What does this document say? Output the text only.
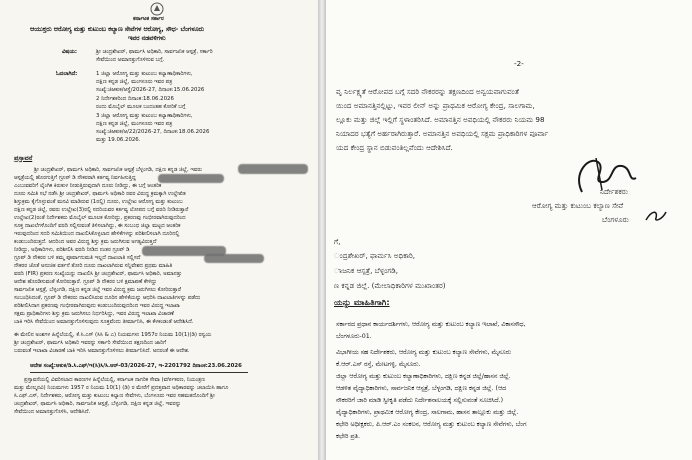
ಕರ್ನಾಟಕ ಸರ್ಕಾರ
ಆಯುಕ್ತರು ಆರೋಗ್ಯ ಮತ್ತು ಕುಟುಂಬ ಕಲ್ಯಾಣ ಸೇವೆಗಳ ಆರೋಗ್ಯ, ಸೌಧ- ಬೆಂಗಳೂರು
ಇವರ ನಡವಳಿಗಳು
ವಿಷಯ:	ಶ್ರೀ ಚಂದ್ರಶೇಖರ್, ಫಾರ್ಮಸಿ ಅಧಿಕಾರಿ, ಸಾರ್ವಜನಿಕ ಆಸ್ಪತ್ರೆ, ಸರ್ಕಾರಿ
ಸೇವೆಯಿಂದ ಅಮಾನತ್ತುಗೊಳಿಸುವ ಬಗ್ಗೆ.
ಓದಲಾಗಿದೆ:	1 ಜಿಲ್ಲಾ ಆರೋಗ್ಯ ಮತ್ತು ಕುಟುಂಬ ಕಲ್ಯಾಣಾಧಿಕಾರಿಗಳು,
ದಕ್ಷಿಣ ಕನ್ನಡ ಜಿಲ್ಲೆ, ಮಂಗಳೂರು ಇವರ ಪತ್ರ
ಸಂಖ್ಯೆ:ಜಿಆಕುಕ/ಆಸ್ಥೆ/2026-27, ದಿನಾಂಕ:15.06.2026
2 ನಿರ್ದೇಶಕರಿಂದ ದಿನಾಂಕ:18.06.2026
ರಂದು ಮೊಬೈಲ್ ಮೂಲಕ ಬಂದಂತಹ ಕೋರಿಕೆ ಬಗ್ಗೆ
3 ಜಿಲ್ಲಾ ಆರೋಗ್ಯ ಮತ್ತು ಕುಟುಂಬ ಕಲ್ಯಾಣಾಧಿಕಾರಿಗಳು,
ದಕ್ಷಿಣ ಕನ್ನಡ ಜಿಲ್ಲೆ, ಮಂಗಳೂರು ಇವರ ಪತ್ರ
ಸಂಖ್ಯೆ:ಜಿಆಕುಕ/ಆ/22/2026-27, ದಿನಾಂಕ:18.06.2026
ಮತ್ತು 19.06.2026.
ಪ್ರಸ್ತಾವನೆ
ಶ್ರೀ ಚಂದ್ರಶೇಖರ್, ಫಾರ್ಮಸಿ ಅಧಿಕಾರಿ, ಸಾರ್ವಜನಿಕ ಆಸ್ಪತ್ರೆ ಬೆಳ್ಳಂಗಡಿ, ದಕ್ಷಿಣ ಕನ್ನಡ ಜಿಲ್ಲೆ, ಇವರು
ಆಸ್ಪತ್ರೆಯಲ್ಲಿ ಹೊರಗುತ್ತಿಗೆ ಗ್ರೂಪ್ ಡಿ ನೌಕರರಾಗಿ ಕರ್ತವ್ಯ ನಿರ್ವಹಿಸುತ್ತಿದ್ದ
ಎಂಬುವವರಿಗೆ ಲೈಂಗಿಕ ಕಿರುಕುಳ ನೀಡುತ್ತಿರುವುದಾಗಿ ದೂರು ನೀಡಿದ್ದು, ಈ ಬಗ್ಗೆ ಆಂತರಿಕ
ದೂರು ಸಮಿತಿ ಸಭೆ ನಡೆಸಿ ಶ್ರೀ ಚಂದ್ರಶೇಖರ್, ಫಾರ್ಮಸಿ ಅಧಿಕಾರಿ ರವರ ವಿರುದ್ಧ ಕ್ರಮಕ್ಕಾಗಿ ಉಲ್ಲೇಖಿತ
ಶಿಸ್ತುಕ್ರಮ ಕೈಗೊಳ್ಳುವಂತೆ ಮನವಿ ಮಾಡಿರುವ (1ರಲ್ಲಿ) ದೂರು, ಉಲ್ಲೇಖ ಆರೋಗ್ಯ ಮತ್ತು ಕುಟುಂಬ
ದಕ್ಷಿಣ ಕನ್ನಡ ಜಿಲ್ಲೆ, ರವರು ಉಲ್ಲೇಖ(3)ರಲ್ಲಿ ಸದರಿಯವರ ಕರ್ತವ್ಯ ಲೋಪದ ಬಗ್ಗೆ ವರದಿ ನೀಡಿರುತ್ತಾರೆ
ಉಲ್ಲೇಖ(2)ರಂತೆ ನಿರ್ದೇಶಕರು ಮೊಬೈಲ್ ಮೂಲಕ ಕೋರಿದ್ದು, ಪ್ರಕರಣವು ಗಂಭೀರವಾಗಿರುವುದರಿಂದ
ಸೂಕ್ತ ದಾಖಲೆಗಳೊಂದಿಗೆ ವರದಿ ಸಲ್ಲಿಸುವಂತೆ ತಿಳಿಸಲಾಗಿದ್ದು, ಈ ಸಂಬಂಧ ಜಿಲ್ಲಾ ಮಟ್ಟದ ಆಂತರಿಕ
ಇರುವುದರಿಂದ ಸದರಿ ಸಮಿತಿಯಿಂದ ದಾಖಲಿಸಿಕೊಳ್ಳಲಾದ ಹೇಳಿಕೆಗಳನ್ನು ಪರಿಶೀಲಿಸಲಾಗಿ ದೂರಿನಲ್ಲಿ
ಕಂಡುಬಂದಿರುತ್ತದೆ. ಆದರಿಂದ ಅವರ ವಿರುದ್ಧ ಶಿಸ್ತು ಕ್ರಮ ಜರುಗಿಸುವ ಅಗತ್ಯವಿರುತ್ತದೆ
ನೀಡಿದ್ದು, ಅಧಿಕಾರಿಗಳು, ಪರಿಶೀಲಿಸಿ ವರದಿ ನೀಡಿದ ನಂತರ ಗ್ರೂಪ್ ಡಿ
ಗ್ರೂಪ್ ಡಿ ನೌಕರರ ಬಳಿ ತಮ್ಮ ಪೂರ್ವಾನುಮತಿ ಇಲ್ಲದೆ ದಾಖಲಾತಿ ಸಲ್ಲಿಸದೆ
ನೌಕರರ ಜೊತೆ ಅನುಚಿತ ವರ್ತನೆ ತೋರಿ ದೂರು ದಾಖಲಾಗಿರುವ ಸನ್ನಿವೇಶದ ಪ್ರಥಮ ಮಾಹಿತಿ
ವರದಿ (FIR) ಪ್ರಕರಣ ಸಂಖ್ಯೆಯನ್ನು ದಾಖಲಿಸಿ ಶ್ರೀ ಚಂದ್ರಶೇಖರ್, ಫಾರ್ಮಸಿ ಅಧಿಕಾರಿ, ಅಮಾನತ್ತು
ಆದೇಶ ಹೊರಡಿಸುವಂತೆ ಕೋರಿರುತ್ತಾರೆ. ಗ್ರೂಪ್ ಡಿ ನೌಕರರ ಬಳಿ ಕ್ಷಮಾಪಣೆ ಕೇಳಿದ್ದು
ಸಾರ್ವಜನಿಕ ಆಸ್ಪತ್ರೆ, ಬೆಳ್ಳಂಗಡಿ, ದಕ್ಷಿಣ ಕನ್ನಡ ಜಿಲ್ಲೆ ಇವರ ವಿರುದ್ಧ ಕ್ರಮ ಜರುಗಿಸಲು ಕೋರಿರುತ್ತಾರೆ
ಸಂಬಂಧಿಸಿದಂತೆ, ಗ್ರೂಪ್ ಡಿ ನೌಕರರು ದಾಖಲಿಸಿರುವ ದೂರಿನ ಹೇಳಿಕೆಯನ್ನು ಆಧರಿಸಿ ದಾಖಲಾತಿಗಳನ್ನು ಪಡೆದು
ಪರಿಶೀಲಿಸಿದಾಗ ಪ್ರಕರಣವು ಗಂಭೀರವಾಗಿರುವುದು ಕಂಡುಬಂದಿರುವುದರಿಂದ ಇವರ ವಿರುದ್ಧ ಇಲಾಖಾ
ಸಕ್ಷಮ ಪ್ರಾಧಿಕಾರಿಗಳು ಶಿಸ್ತು ಕ್ರಮ ಜರುಗಿಸಲು ನಿರ್ಧರಿಸಿದ್ದು, ಇವರ ವಿರುದ್ಧ ಇಲಾಖಾ ವಿಚಾರಣೆ
ಬಾಕಿ ಇರಿಸಿ ಸೇವೆಯಿಂದ ಅಮಾನತ್ತುಗೊಳಿಸುವುದು ಸೂಕ್ತವೆಂದು ತೀರ್ಮಾನಿಸಿ, ಈ ಕೆಳಕಂಡಂತೆ ಆದೇಶಿಸಿದೆ.
ಈ ಮೇಲಿನ ಅಂಶಗಳ ಹಿನ್ನೆಲೆಯಲ್ಲಿ, ಕೆ.ಸಿ.ಎಸ್ (ಸಿಸಿ & ಎ) ನಿಯಮಗಳು 1957ರ ನಿಯಮ 10(1)(ಡಿ) ರನ್ವಯ
ಶ್ರೀ ಚಂದ್ರಶೇಖರ್, ಫಾರ್ಮಸಿ ಅಧಿಕಾರಿ ಇವರನ್ನು ಸರ್ಕಾರಿ ಸೇವೆಯಿಂದ ತಕ್ಷಣದಿಂದ ಜಾರಿಗೆ
ಬರುವಂತೆ ಇಲಾಖಾ ವಿಚಾರಣೆ ಬಾಕಿ ಇರಿಸಿ ಅಮಾನತ್ತುಗೊಳಿಸಲು ತೀರ್ಮಾನಿಸಿದೆ. ಅದರಂತೆ ಈ ಆದೇಶ.
ಆದೇಶ ಸಂಖ್ಯೆ:ಆಕುಕ/ಡಿ.ಸಿ.ಎಫ್/ಇ(ಸಿ)ಸಿ/ಸಿ.ಆರ್-03/2026-27, ಇ-2201792 ದಿನಾಂಕ:23.06.2026
ಪ್ರಸ್ತಾವನೆಯಲ್ಲಿ ವಿವರಿಸಲಾದ ಕಾರಣಗಳ ಹಿನ್ನೆಲೆಯಲ್ಲಿ, ಕರ್ನಾಟಕ ನಾಗರಿಕ ಸೇವಾ (ವರ್ಗೀಕರಣ, ನಿಯಂತ್ರಣ
ಮತ್ತು ಮೇಲ್ಮನವಿ) ನಿಯಮಗಳು 1957 ರ ನಿಯಮ 10(1) (ಡಿ) ರ ಮೇರೆಗೆ ಪ್ರದತ್ತವಾದ ಅಧಿಕಾರವನ್ನು ಚಲಾಯಿಸಿ ಹಾಗೂ
ಸಿ.ಎಫ್.ಎಸ್, ನಿರ್ದೇಶಕರು, ಆರೋಗ್ಯ ಮತ್ತು ಕುಟುಂಬ ಕಲ್ಯಾಣ ಸೇವೆಗಳು, ಬೆಂಗಳೂರು ಇವರ ಸಹಮತದೊಂದಿಗೆ ಶ್ರೀ
ಚಂದ್ರಶೇಖರ್, ಫಾರ್ಮಸಿ ಅಧಿಕಾರಿ, ಸಾರ್ವಜನಿಕ ಆಸ್ಪತ್ರೆ, ಬೆಳ್ಳಂಗಡಿ, ದಕ್ಷಿಣ ಕನ್ನಡ ಜಿಲ್ಲೆ, ಇವರನ್ನು
ಸೇವೆಯಿಂದ ಅಮಾನತ್ತುಗೊಳಿಸಿ, ಆದೇಶಿಸಿದೆ.
-2-
ವೃ ನಿರ್ಲಕ್ಷ್ಯತೆ ಆರೋಪದ ಬಗ್ಗೆ ಸದರಿ ನೌಕರರನ್ನು ತಕ್ಷಣದಿಂದ ಅನ್ವಯವಾಗುವಂತೆ
ಯಿಂದ ಅಮಾನತ್ತಿನಲ್ಲಿಟ್ಟು, ಇವರ ಲೀನ್ ಅನ್ನು ಪ್ರಾಥಮಿಕ ಆರೋಗ್ಯ ಕೇಂದ್ರ, ಸಾಲಗಾಮ,
ಲ್ಲೂಕು ಮತ್ತು ಜಿಲ್ಲೆ ಇಲ್ಲಿಗೆ ಸ್ಥಳಾಂತರಿಸಿದೆ. ಅಮಾನತ್ತಿನ ಅವಧಿಯಲ್ಲಿ ನೌಕರರು ನಿಯಮ 98
ನಿಯಾದರ ಭತ್ಯೆಗೆ ಅರ್ಹರಾಗಿರುತ್ತಾರೆ. ಅಮಾನತ್ತಿನ ಅವಧಿಯಲ್ಲಿ ಸಕ್ಷಮ ಪ್ರಾಧಿಕಾರಿಗಳ ಪೂರ್ವಾ
ಯದ ಕೇಂದ್ರ ಸ್ಥಾನ ಬಿಡುವಂತಿಲ್ಲವೆಂದು ಆದೇಶಿಸಿದೆ.
ನಿರ್ದೇಶಕರು
ಆರೋಗ್ಯ ಮತ್ತು ಕುಟುಂಬ ಕಲ್ಯಾಣ ಸೇವೆ
ಬೆಂಗಳೂರು
ಗೆ,
ಂದ್ರಶೇಖರ್, ಫಾರ್ಮಸಿ ಅಧಿಕಾರಿ,
ಾಜನಿಕ ಆಸ್ಪತ್ರೆ, ಬೆಳ್ಳಂಗಡಿ,
ಣ ಕನ್ನಡ ಜಿಲ್ಲೆ. (ಮೇಲಾಧಿಕಾರಿಗಳ ಮುಖಾಂತರ)
ಯನ್ನು ಮಾಹಿತಿಗಾಗಿ:
ಸರ್ಕಾರದ ಪ್ರಧಾನ ಕಾರ್ಯದರ್ಶಿಗಳು, ಆರೋಗ್ಯ ಮತ್ತು ಕುಟುಂಬ ಕಲ್ಯಾಣ ಇಲಾಖೆ, ವಿಕಾಸಸೌಧ,
ಬೆಂಗಳೂರು-01.
ವಿಭಾಗೀಯ ಸಹ ನಿರ್ದೇಶಕರು, ಆರೋಗ್ಯ ಮತ್ತು ಕುಟುಂಬ ಕಲ್ಯಾಣ ಸೇವೆಗಳು, ಮೈಸೂರು
ಕೆ.ಆರ್.ಎಸ್ ರಸ್ತೆ, ಮೇಟಗಳ್ಳಿ, ಮೈಸೂರು.
ಜಿಲ್ಲಾ ಆರೋಗ್ಯ ಮತ್ತು ಕುಟುಂಬ ಕಲ್ಯಾಣಾಧಿಕಾರಿಗಳು, ದಕ್ಷಿಣ ಕನ್ನಡ ಜಿಲ್ಲೆ/ಹಾಸನ ಜಿಲ್ಲೆ.
ಆಡಳಿತ ವೈದ್ಯಾಧಿಕಾರಿಗಳು, ಸಾರ್ವಜನಿಕ ಆಸ್ಪತ್ರೆ, ಬೆಳ್ಳಂಗಡಿ, ದಕ್ಷಿಣ ಕನ್ನಡ ಜಿಲ್ಲೆ. (ಆದ
ನೌಕರರಿಗೆ ಜಾರಿ ಮಾಡಿ ಸ್ವೀಕೃತಿ ಪಡೆದು ನಿರ್ದೇಶನಾಲಯಕ್ಕೆ ಸಲ್ಲಿಸುವಂತೆ ಸೂಚಿಸಿದೆ.)
ವೈದ್ಯಾಧಿಕಾರಿಗಳು, ಪ್ರಾಥಮಿಕ ಆರೋಗ್ಯ ಕೇಂದ್ರ, ಸಾಲಗಾಮ, ಹಾಸನ ತಾಲ್ಲೂಕು ಮತ್ತು ಜಿಲ್ಲೆ.
ಕಛೇರಿ ಅಧೀಕ್ಷಕರು, ಪಿ.ಆರ್.ಎಂ ಸಂಕಲನ, ಆರೋಗ್ಯ ಮತ್ತು ಕುಟುಂಬ ಕಲ್ಯಾಣ ಸೇವೆಗಳು, ಬೆಂಗ
ಕಛೇರಿ ಪ್ರತಿ.
